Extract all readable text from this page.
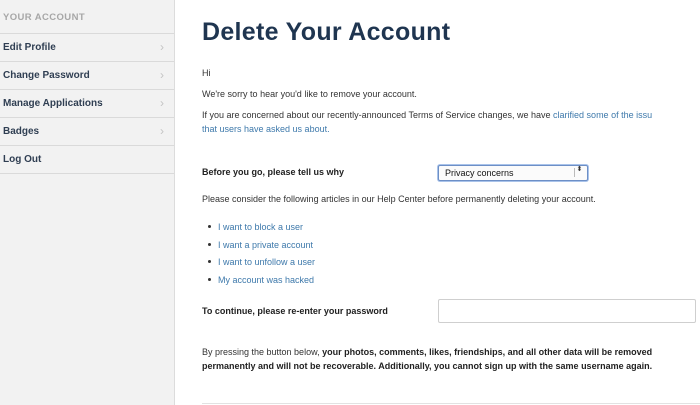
YOUR ACCOUNT
Edit Profile	›
Change Password	›
Manage Applications	›
Badges	›
Log Out
Delete Your Account
Hi
We're sorry to hear you'd like to remove your account.
If you are concerned about our recently-announced Terms of Service changes, we have clarified some of the issu
that users have asked us about.
Before you go, please tell us why	Privacy concerns	⬍
Please consider the following articles in our Help Center before permanently deleting your account.
I want to block a user
I want a private account
I want to unfollow a user
My account was hacked
To continue, please re-enter your password
By pressing the button below, your photos, comments, likes, friendships, and all other data will be removed
permanently and will not be recoverable. Additionally, you cannot sign up with the same username again.
